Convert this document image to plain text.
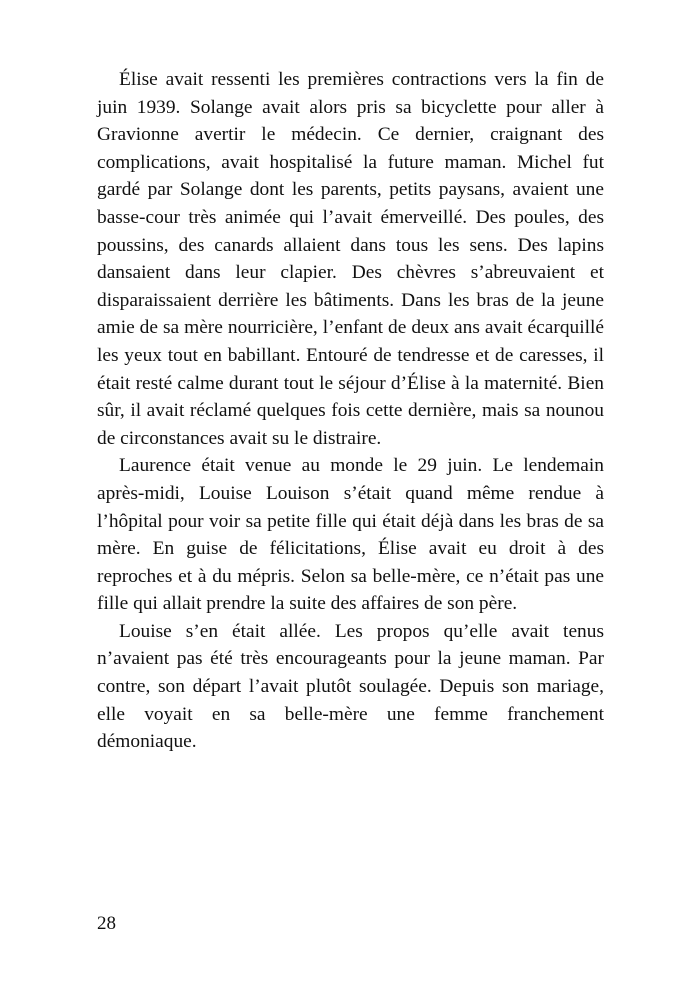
Élise avait ressenti les premières contractions vers la fin de juin 1939. Solange avait alors pris sa bicyclette pour aller à Gravionne avertir le médecin. Ce dernier, craignant des complications, avait hospitalisé la future maman. Michel fut gardé par Solange dont les parents, petits paysans, avaient une basse-cour très animée qui l’avait émerveillé. Des poules, des poussins, des canards allaient dans tous les sens. Des lapins dansaient dans leur clapier. Des chèvres s’abreuvaient et disparaissaient derrière les bâtiments. Dans les bras de la jeune amie de sa mère nourricière, l’enfant de deux ans avait écarquillé les yeux tout en babillant. Entouré de tendresse et de caresses, il était resté calme durant tout le séjour d’Élise à la maternité. Bien sûr, il avait réclamé quelques fois cette dernière, mais sa nounou de circonstances avait su le distraire.

Laurence était venue au monde le 29 juin. Le lendemain après-midi, Louise Louison s’était quand même rendue à l’hôpital pour voir sa petite fille qui était déjà dans les bras de sa mère. En guise de félicitations, Élise avait eu droit à des reproches et à du mépris. Selon sa belle-mère, ce n’était pas une fille qui allait prendre la suite des affaires de son père.

Louise s’en était allée. Les propos qu’elle avait tenus n’avaient pas été très encourageants pour la jeune maman. Par contre, son départ l’avait plutôt soulagée. Depuis son mariage, elle voyait en sa belle-mère une femme franchement démoniaque.

28
